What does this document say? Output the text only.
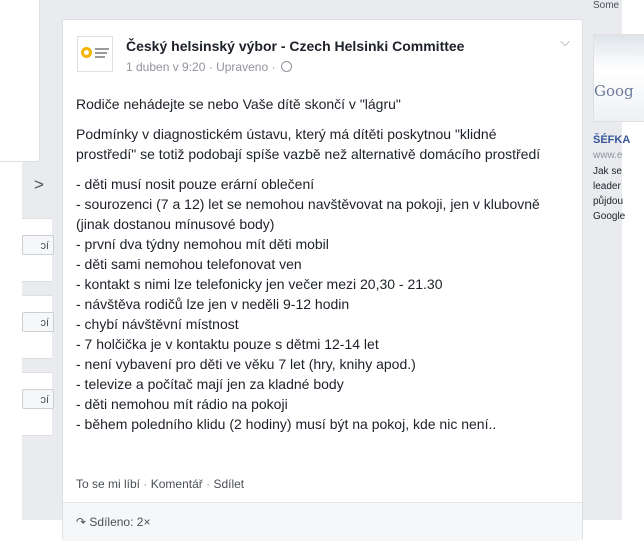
>
ɔí
ɔí
ɔí
Český helsinský výbor - Czech Helsinki Committee
1 duben v 9:20 · Upraveno ·
⌵

Rodiče nehádejte se nebo Vaše dítě skončí v "lágru"

Podmínky v diagnostickém ústavu, který má dítěti poskytnou "klidné prostředí" se totiž podobají spíše vazbě než alternativě domácího prostředí

- děti musí nosit pouze erární oblečení
- sourozenci (7 a 12) let se nemohou navštěvovat na pokoji, jen v klubovně (jinak dostanou mínusové body)
- první dva týdny nemohou mít děti mobil
- děti sami nemohou telefonovat ven
- kontakt s nimi lze telefonicky jen večer mezi 20,30 - 21.30
- návštěva rodičů lze jen v neděli 9-12 hodin
- chybí návštěvní místnost
- 7 holčička je v kontaktu pouze s dětmi 12-14 let
- není vybavení pro děti ve věku 7 let (hry, knihy apod.)
- televize a počítač mají jen za kladné body
- děti nemohou mít rádio na pokoji
- během poledního klidu (2 hodiny) musí být na pokoj, kde nic není..
To se mi líbí · Komentář · Sdílet
↷ Sdíleno: 2×
Some
Goog
ŠÉFKA
www.e
Jak se leader půjdou Google
